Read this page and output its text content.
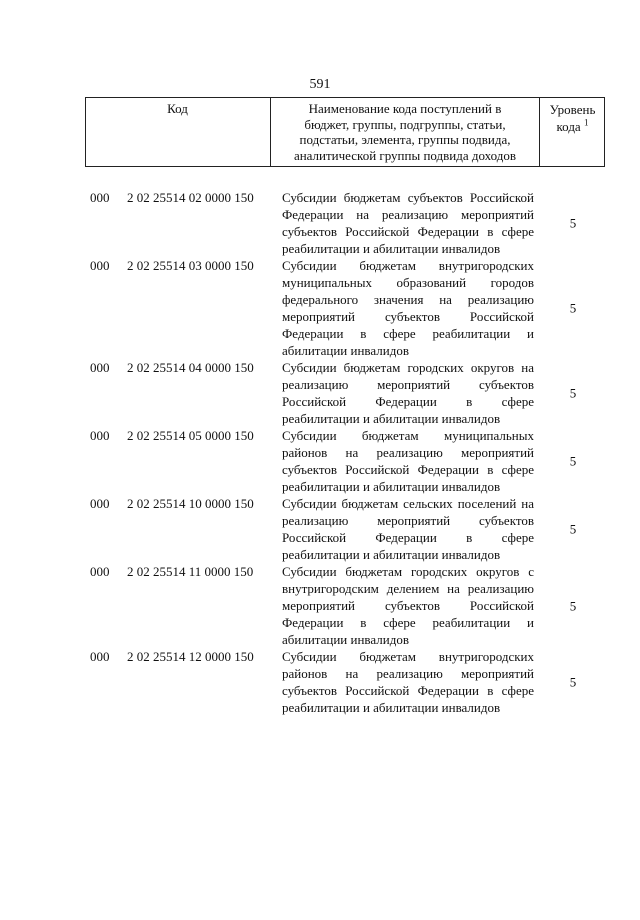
591
Код	Наименование кода поступлений в
бюджет, группы, подгруппы, статьи,
подстатьи, элемента, группы подвида,
аналитической группы подвида доходов
Уровень
кода $^1$
000 2 02 25514 02 0000 150 Субсидии бюджетам субъектов Российской Федерации на реализацию мероприятий субъектов Российской Федерации в сфере реабилитации и абилитации инвалидов
5
000 2 02 25514 03 0000 150 Субсидии бюджетам внутригородских муниципальных образований городов федерального значения на реализацию мероприятий субъектов Российской Федерации в сфере реабилитации и абилитации инвалидов
5
000 2 02 25514 04 0000 150 Субсидии бюджетам городских округов на реализацию мероприятий субъектов Российской Федерации в сфере реабилитации и абилитации инвалидов
5
000 2 02 25514 05 0000 150 Субсидии бюджетам муниципальных районов на реализацию мероприятий субъектов Российской Федерации в сфере реабилитации и абилитации инвалидов
5
000 2 02 25514 10 0000 150 Субсидии бюджетам сельских поселений на реализацию мероприятий субъектов Российской Федерации в сфере реабилитации и абилитации инвалидов
5
000 2 02 25514 11 0000 150 Субсидии бюджетам городских округов с внутригородским делением на реализацию мероприятий субъектов Российской Федерации в сфере реабилитации и абилитации инвалидов
5
000 2 02 25514 12 0000 150 Субсидии бюджетам внутригородских районов на реализацию мероприятий субъектов Российской Федерации в сфере реабилитации и абилитации инвалидов
5
